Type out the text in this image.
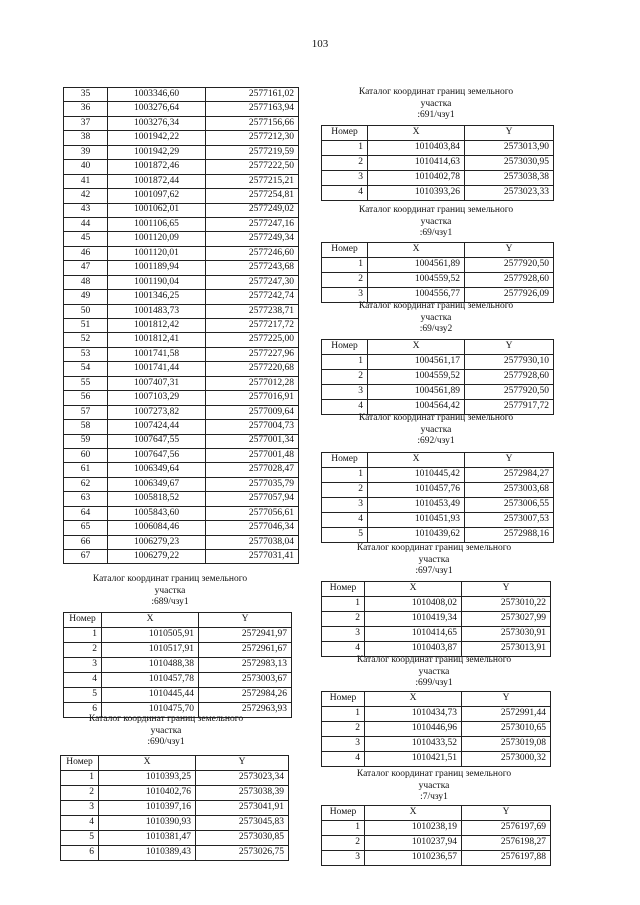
103
35	1003346,60	2577161,02
36	1003276,64	2577163,94
37	1003276,34	2577156,66
38	1001942,22	2577212,30
39	1001942,29	2577219,59
40	1001872,46	2577222,50
41	1001872,44	2577215,21
42	1001097,62	2577254,81
43	1001062,01	2577249,02
44	1001106,65	2577247,16
45	1001120,09	2577249,34
46	1001120,01	2577246,60
47	1001189,94	2577243,68
48	1001190,04	2577247,30
49	1001346,25	2577242,74
50	1001483,73	2577238,71
51	1001812,42	2577217,72
52	1001812,41	2577225,00
53	1001741,58	2577227,96
54	1001741,44	2577220,68
55	1007407,31	2577012,28
56	1007103,29	2577016,91
57	1007273,82	2577009,64
58	1007424,44	2577004,73
59	1007647,55	2577001,34
60	1007647,56	2577001,48
61	1006349,64	2577028,47
62	1006349,67	2577035,79
63	1005818,52	2577057,94
64	1005843,60	2577056,61
65	1006084,46	2577046,34
66	1006279,23	2577038,04
67	1006279,22	2577031,41
Каталог координат границ земельного
участка
:689/чзу1
Номер	X	Y
1	1010505,91	2572941,97
2	1010517,91	2572961,67
3	1010488,38	2572983,13
4	1010457,78	2573003,67
5	1010445,44	2572984,26
6	1010475,70	2572963,93
Каталог координат границ земельного
участка
:690/чзу1
Номер	X	Y
1	1010393,25	2573023,34
2	1010402,76	2573038,39
3	1010397,16	2573041,91
4	1010390,93	2573045,83
5	1010381,47	2573030,85
6	1010389,43	2573026,75
Каталог координат границ земельного
участка
:691/чзу1
Номер	X	Y
1	1010403,84	2573013,90
2	1010414,63	2573030,95
3	1010402,78	2573038,38
4	1010393,26	2573023,33
Каталог координат границ земельного
участка
:69/чзу1
Номер	X	Y
1	1004561,89	2577920,50
2	1004559,52	2577928,60
3	1004556,77	2577926,09
Каталог координат границ земельного
участка
:69/чзу2
Номер	X	Y
1	1004561,17	2577930,10
2	1004559,52	2577928,60
3	1004561,89	2577920,50
4	1004564,42	2577917,72
Каталог координат границ земельного
участка
:692/чзу1
Номер	X	Y
1	1010445,42	2572984,27
2	1010457,76	2573003,68
3	1010453,49	2573006,55
4	1010451,93	2573007,53
5	1010439,62	2572988,16
Каталог координат границ земельного
участка
:697/чзу1
Номер	X	Y
1	1010408,02	2573010,22
2	1010419,34	2573027,99
3	1010414,65	2573030,91
4	1010403,87	2573013,91
Каталог координат границ земельного
участка
:699/чзу1
Номер	X	Y
1	1010434,73	2572991,44
2	1010446,96	2573010,65
3	1010433,52	2573019,08
4	1010421,51	2573000,32
Каталог координат границ земельного
участка
:7/чзу1
Номер	X	Y
1	1010238,19	2576197,69
2	1010237,94	2576198,27
3	1010236,57	2576197,88
